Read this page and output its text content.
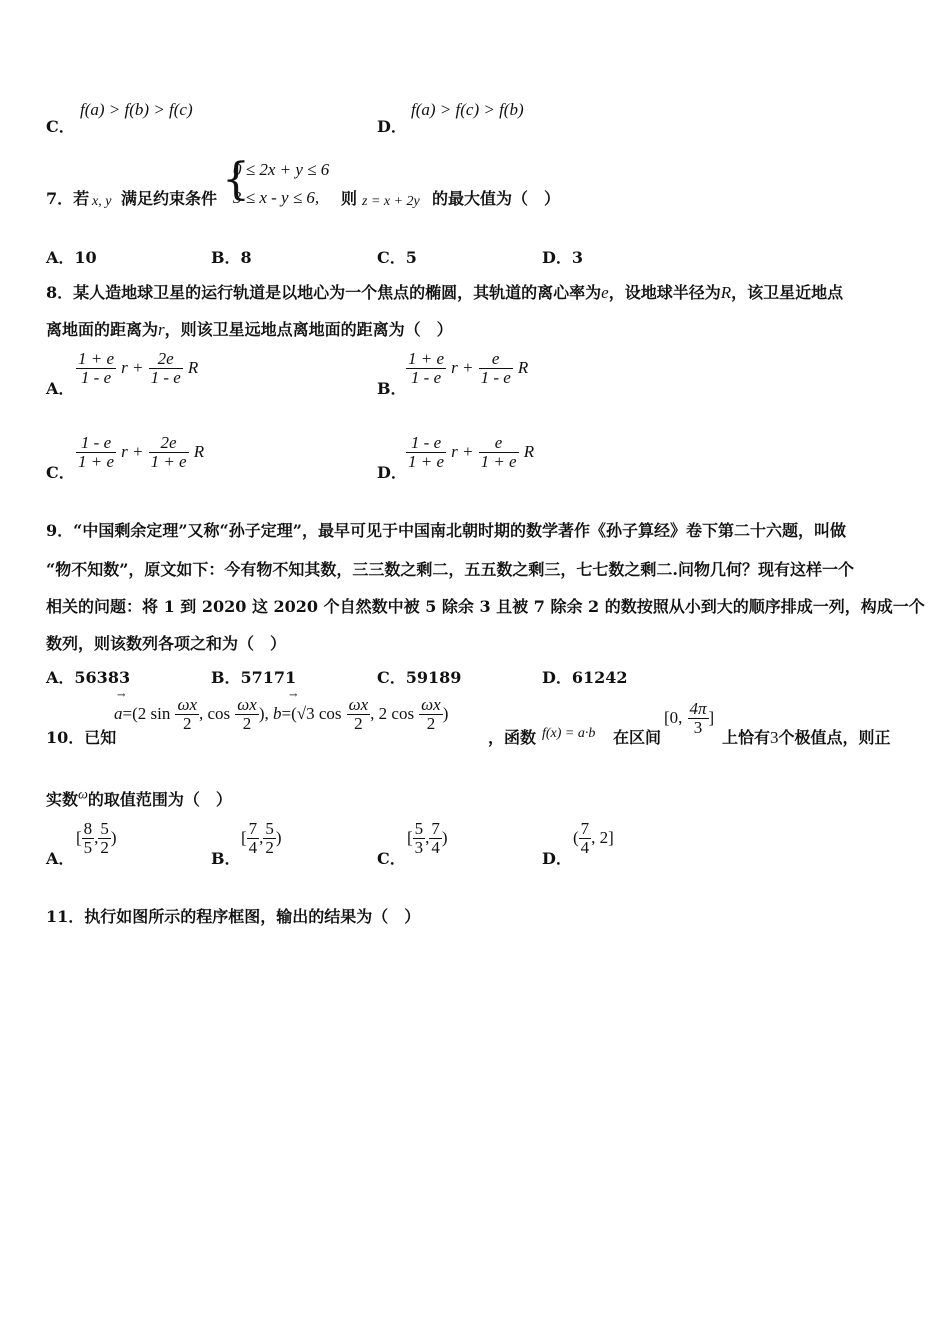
C．
f(a) > f(b) > f(c)
D．
f(a) > f(c) > f(b)
7．若 x, y 满足约束条件 {
0 ≤ 2x + y ≤ 6
3 ≤ x - y ≤ 6, 则 z = x + 2y 的最大值为（　）
A．10	B．8	C．5	D．3
8．某人造地球卫星的运行轨道是以地心为一个焦点的椭圆，其轨道的离心率为e，设地球半径为R，该卫星近地点
离地面的距离为r，则该卫星远地点离地面的距离为（　）
A．
$\frac{1 + e}{1 - e}$ $r + \frac{2e}{1 - e}$ R
B．
$\frac{1 + e}{1 - e}$ $r + \frac{e}{1 - e}$ R
C．
$\frac{1 - e}{1 + e}$ $r + \frac{2e}{1 + e}$ R
D．
$\frac{1 - e}{1 + e}$ $r + \frac{e}{1 + e}$ R
9．“中国剩余定理”又称“孙子定理”，最早可见于中国南北朝时期的数学著作《孙子算经》卷下第二十六题，叫做
“物不知数”，原文如下：今有物不知其数，三三数之剩二，五五数之剩三，七七数之剩二.问物几何？现有这样一个
相关的问题：将 1 到 2020 这 2020 个自然数中被 5 除余 3 且被 7 除余 2 的数按照从小到大的顺序排成一列，构成一个
数列，则该数列各项之和为（　）
A．56383	B．57171	C．59189	D．61242
10．已知
a=(2 $\sin \frac{\omega x}{2}$ , $\cos \frac{\omega x}{2}$ ), b=(√3 $\cos \frac{\omega x}{2}$ , 2 $\cos \frac{\omega x}{2}$ )
→	→
，函数 f(x) = a·b 在区间
[0, $\frac{4\pi}{3}$ ]
上恰有3个极值点，则正
实数ω的取值范围为（　）
A．
[ $\frac{8}{5}$ , $\frac{5}{2}$ )
B．
[ $\frac{7}{4}$ , $\frac{5}{2}$ )
C．
[ $\frac{5}{3}$ , $\frac{7}{4}$ )
D．
( $\frac{7}{4}$ , 2]
11．执行如图所示的程序框图，输出的结果为（　）
